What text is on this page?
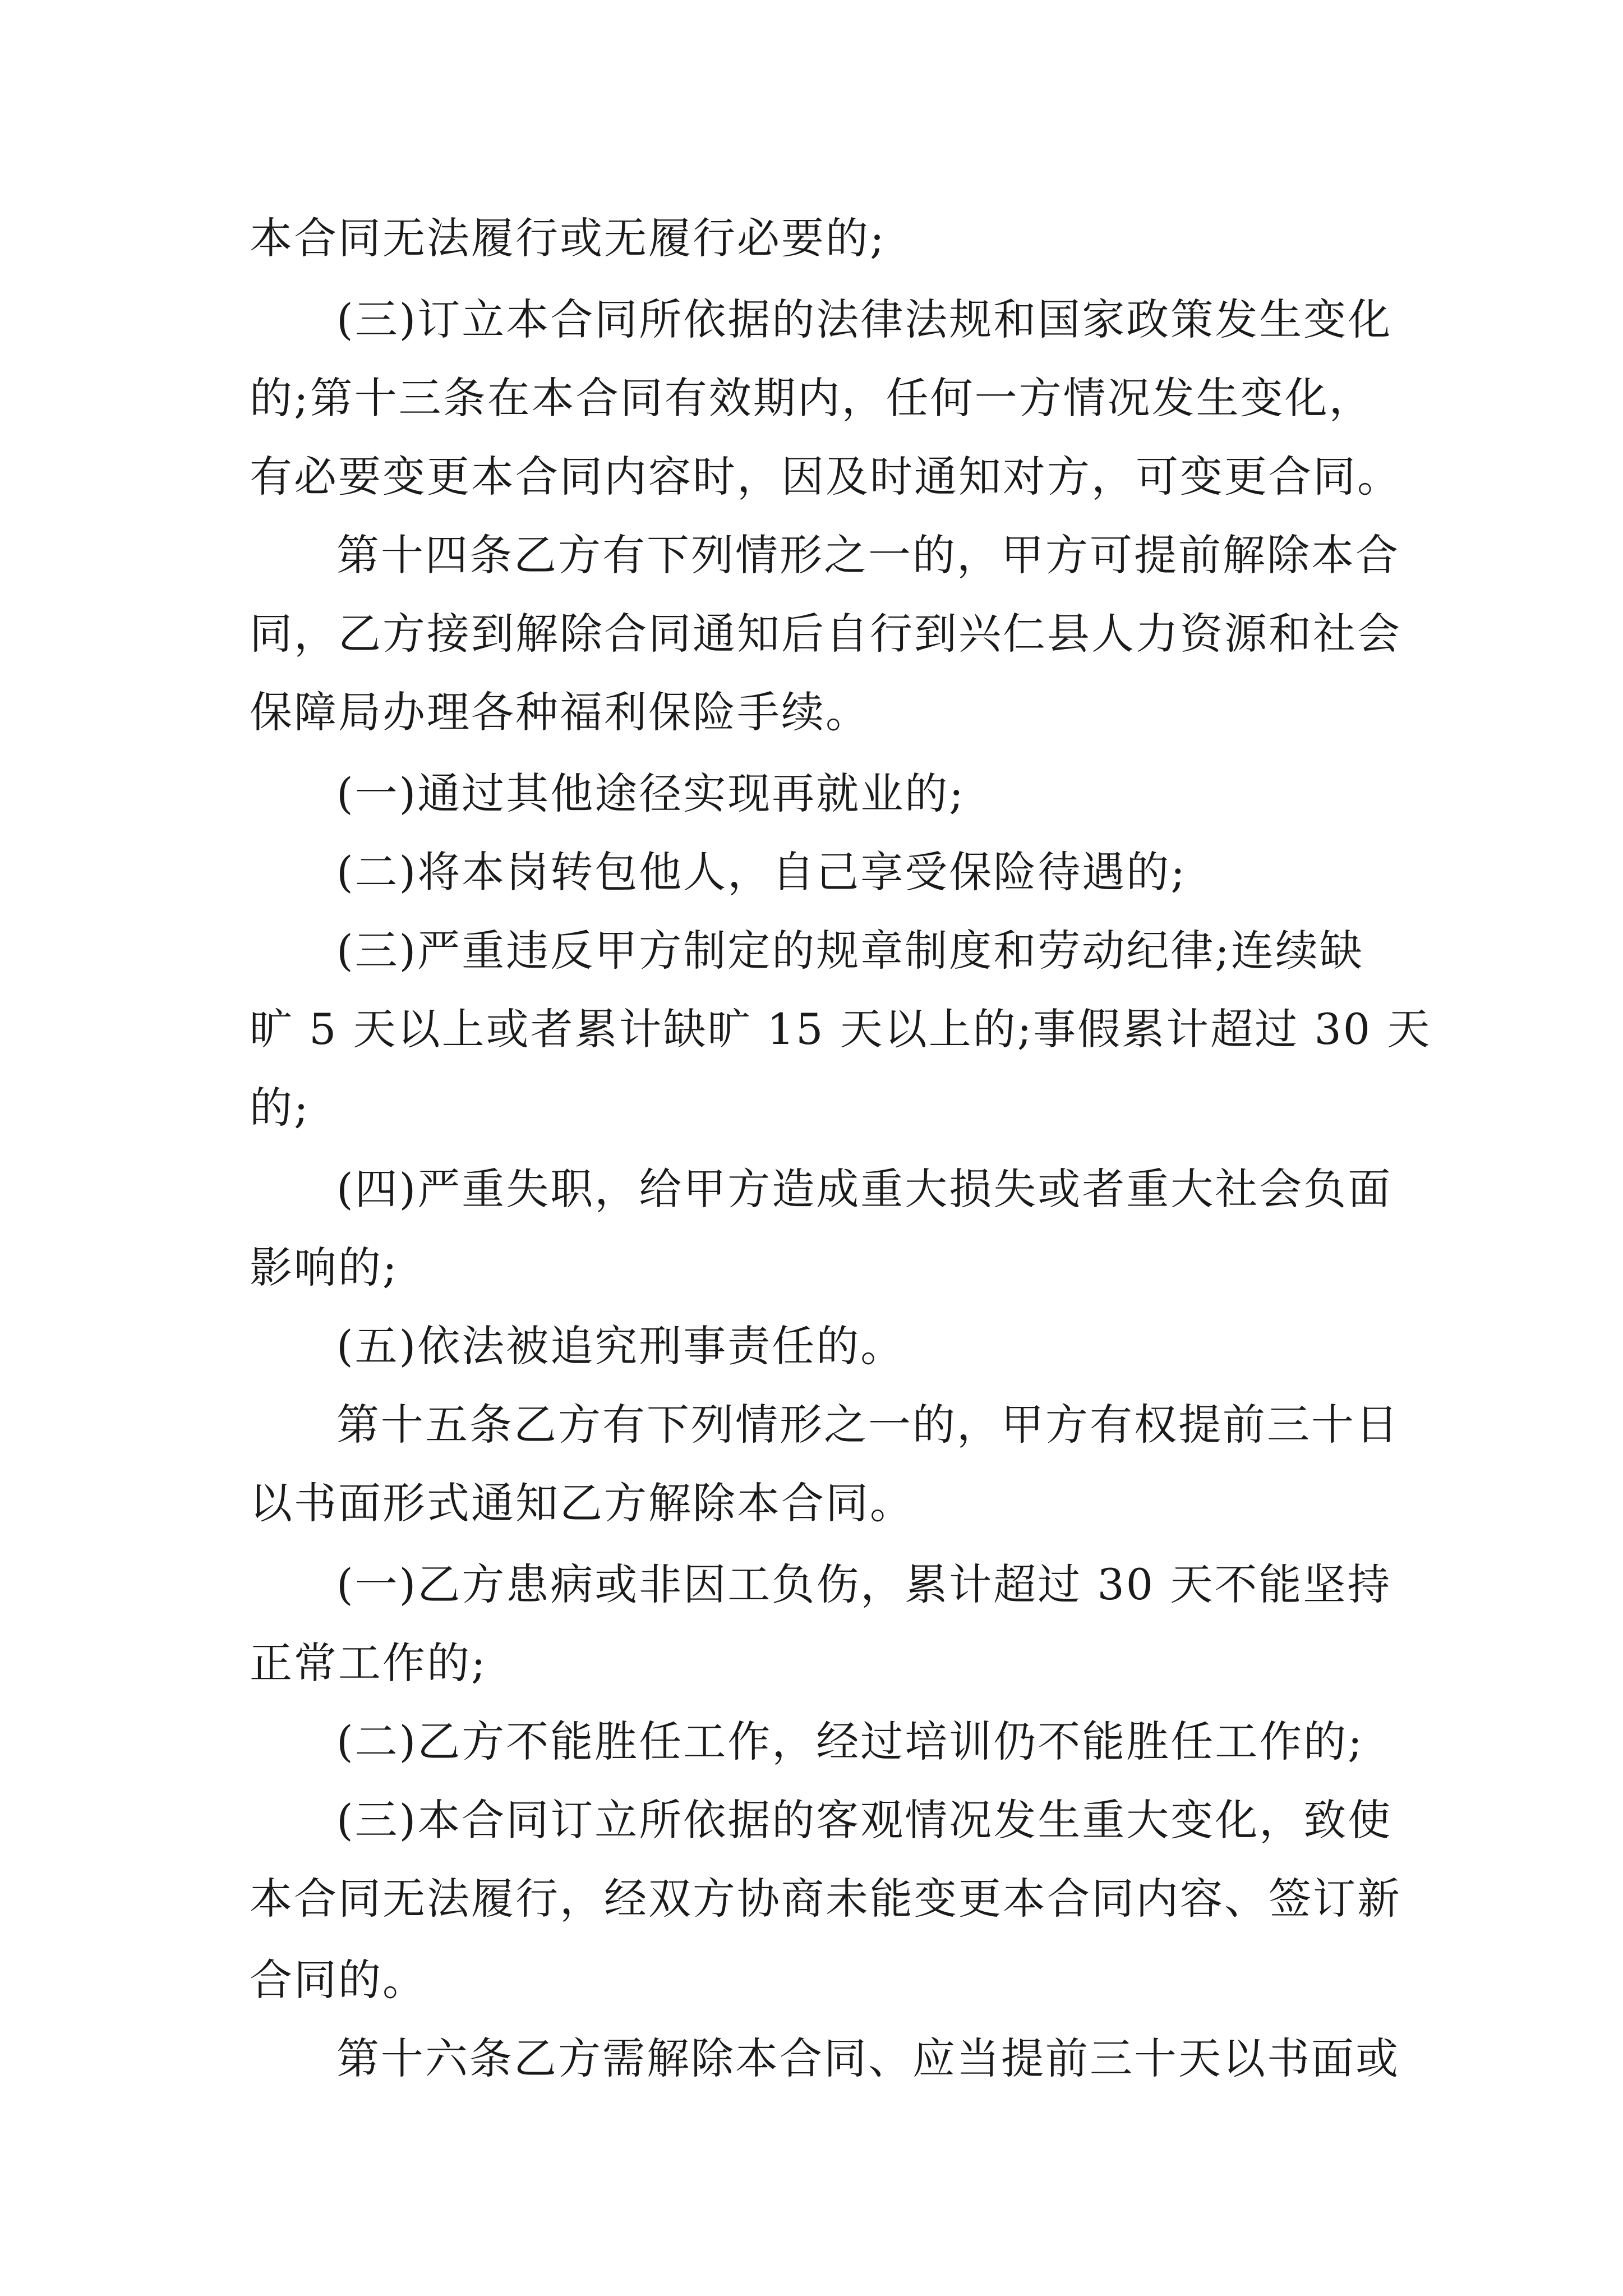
本合同无法履行或无履行必要的;
(三)订立本合同所依据的法律法规和国家政策发生变化
的;第十三条在本合同有效期内，任何一方情况发生变化，
有必要变更本合同内容时，因及时通知对方，可变更合同。
第十四条乙方有下列情形之一的，甲方可提前解除本合
同，乙方接到解除合同通知后自行到兴仁县人力资源和社会
保障局办理各种福利保险手续。
(一)通过其他途径实现再就业的;
(二)将本岗转包他人，自己享受保险待遇的;
(三)严重违反甲方制定的规章制度和劳动纪律;连续缺
旷 5 天以上或者累计缺旷 15 天以上的;事假累计超过 30 天
的;
(四)严重失职，给甲方造成重大损失或者重大社会负面
影响的;
(五)依法被追究刑事责任的。
第十五条乙方有下列情形之一的，甲方有权提前三十日
以书面形式通知乙方解除本合同。
(一)乙方患病或非因工负伤，累计超过 30 天不能坚持
正常工作的;
(二)乙方不能胜任工作，经过培训仍不能胜任工作的;
(三)本合同订立所依据的客观情况发生重大变化，致使
本合同无法履行，经双方协商未能变更本合同内容、签订新
合同的。
第十六条乙方需解除本合同、应当提前三十天以书面或
